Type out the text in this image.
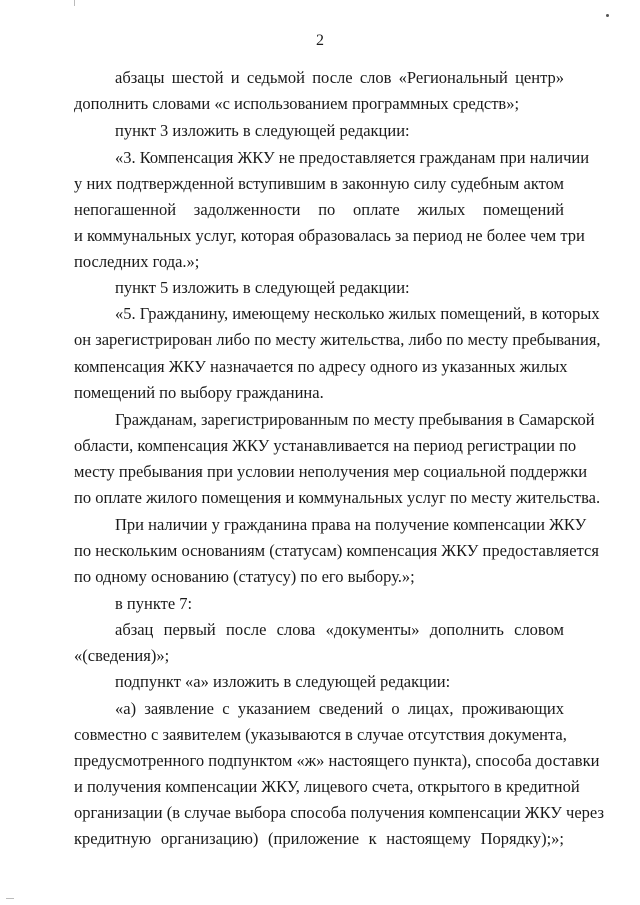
2
абзацы шестой и седьмой после слов «Региональный центр»
дополнить словами «с использованием программных средств»;
пункт 3 изложить в следующей редакции:
«3. Компенсация ЖКУ не предоставляется гражданам при наличии
у них подтвержденной вступившим в законную силу судебным актом
непогашенной задолженности по оплате жилых помещений
и коммунальных услуг, которая образовалась за период не более чем три
последних года.»;
пункт 5 изложить в следующей редакции:
«5. Гражданину, имеющему несколько жилых помещений, в которых
он зарегистрирован либо по месту жительства, либо по месту пребывания,
компенсация ЖКУ назначается по адресу одного из указанных жилых
помещений по выбору гражданина.
Гражданам, зарегистрированным по месту пребывания в Самарской
области, компенсация ЖКУ устанавливается на период регистрации по
месту пребывания при условии неполучения мер социальной поддержки
по оплате жилого помещения и коммунальных услуг по месту жительства.
При наличии у гражданина права на получение компенсации ЖКУ
по нескольким основаниям (статусам) компенсация ЖКУ предоставляется
по одному основанию (статусу) по его выбору.»;
в пункте 7:
абзац первый после слова «документы» дополнить словом
«(сведения)»;
подпункт «а» изложить в следующей редакции:
«а) заявление с указанием сведений о лицах, проживающих
совместно с заявителем (указываются в случае отсутствия документа,
предусмотренного подпунктом «ж» настоящего пункта), способа доставки
и получения компенсации ЖКУ, лицевого счета, открытого в кредитной
организации (в случае выбора способа получения компенсации ЖКУ через
кредитную организацию) (приложение к настоящему Порядку);»;
